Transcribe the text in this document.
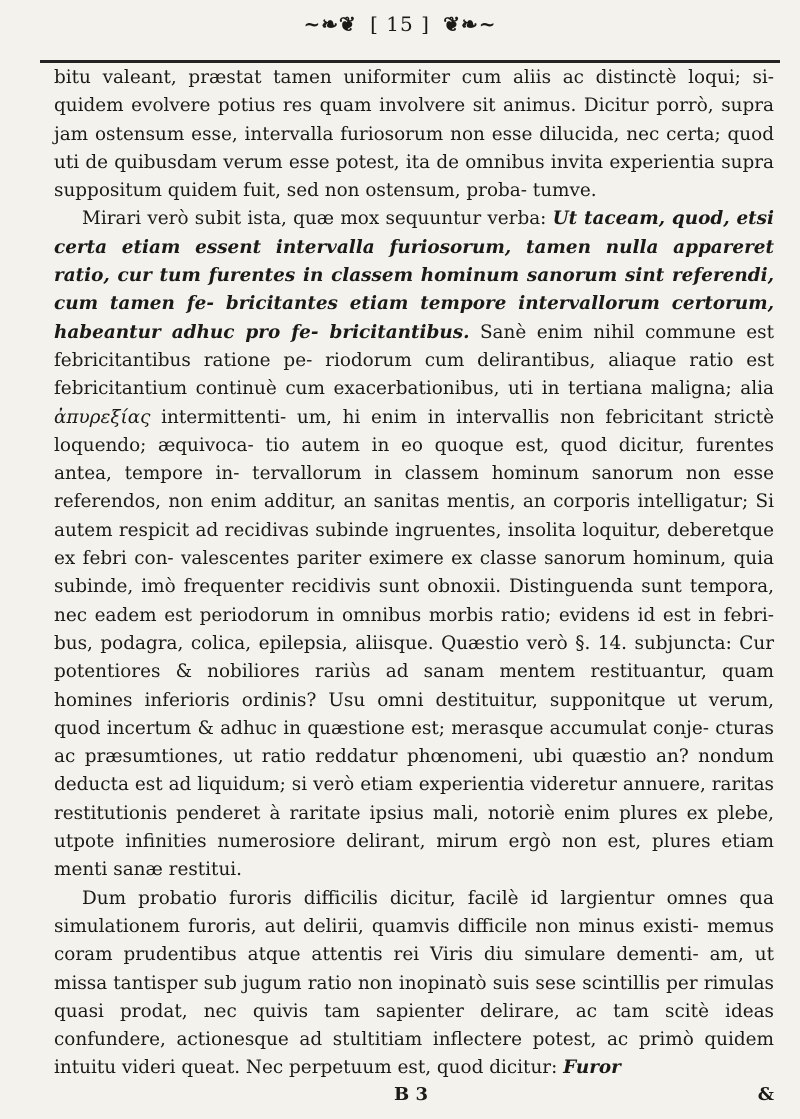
~❧❦ [ 15 ] ❦❧~

bitu valeant, præstat tamen uniformiter cum aliis ac distinctè loqui; si- quidem evolvere potius res quam involvere sit animus. Dicitur porrò, supra jam ostensum esse, intervalla furiosorum non esse dilucida, nec certa; quod uti de quibusdam verum esse potest, ita de omnibus invita experientia supra suppositum quidem fuit, sed non ostensum, proba- tumve.

Mirari verò subit ista, quæ mox sequuntur verba: Ut taceam, quod, etsi certa etiam essent intervalla furiosorum, tamen nulla appareret ratio, cur tum furentes in classem hominum sanorum sint referendi, cum tamen fe- bricitantes etiam tempore intervallorum certorum, habeantur adhuc pro fe- bricitantibus. Sanè enim nihil commune est febricitantibus ratione pe- riodorum cum delirantibus, aliaque ratio est febricitantium continuè cum exacerbationibus, uti in tertiana maligna; alia ἀπυρεξίας intermittenti- um, hi enim in intervallis non febricitant strictè loquendo; æquivoca- tio autem in eo quoque est, quod dicitur, furentes antea, tempore in- tervallorum in classem hominum sanorum non esse referendos, non enim additur, an sanitas mentis, an corporis intelligatur; Si autem respicit ad recidivas subinde ingruentes, insolita loquitur, deberetque ex febri con- valescentes pariter eximere ex classe sanorum hominum, quia subinde, imò frequenter recidivis sunt obnoxii. Distinguenda sunt tempora, nec eadem est periodorum in omnibus morbis ratio; evidens id est in febri- bus, podagra, colica, epilepsia, aliisque. Quæstio verò §. 14. subjuncta: Cur potentiores & nobiliores rariùs ad sanam mentem restituantur, quam homines inferioris ordinis? Usu omni destituitur, supponitque ut verum, quod incertum & adhuc in quæstione est; merasque accumulat conje- cturas ac præsumtiones, ut ratio reddatur phœnomeni, ubi quæstio an? nondum deducta est ad liquidum; si verò etiam experientia videretur annuere, raritas restitutionis penderet à raritate ipsius mali, notoriè enim plures ex plebe, utpote infinities numerosiore delirant, mirum ergò non est, plures etiam menti sanæ restitui.

Dum probatio furoris difficilis dicitur, facilè id largientur omnes qua simulationem furoris, aut delirii, quamvis difficile non minus existi- memus coram prudentibus atque attentis rei Viris diu simulare dementi- am, ut missa tantisper sub jugum ratio non inopinatò suis sese scintillis per rimulas quasi prodat, nec quivis tam sapienter delirare, ac tam scitè ideas confundere, actionesque ad stultitiam inflectere potest, ac primò quidem intuitu videri queat. Nec perpetuum est, quod dicitur: Furor

B 3	&
